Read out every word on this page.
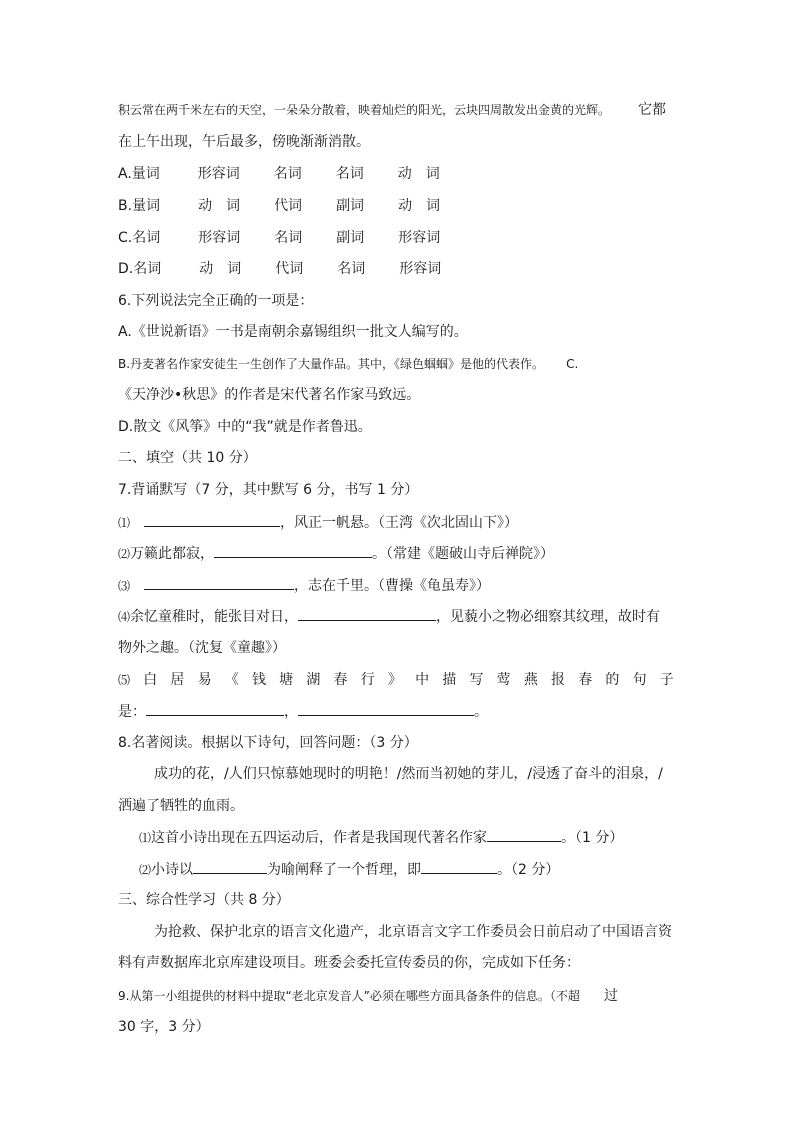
积云常在两千米左右的天空，一朵朵分散着，映着灿烂的阳光，云块四周散发出金黄的光辉。 它都
在上午出现，午后最多，傍晚渐渐消散。
A.量词	形容词 名词 名词 动　词
B.量词	动　词 代词 副词 动　词
C.名词	形容词 名词 副词 形容词
D.名词	动　词 代词 名词 形容词
6.下列说法完全正确的一项是：
A.《世说新语》一书是南朝余嘉锡组织一批文人编写的。
B.丹麦著名作家安徒生一生创作了大量作品。其中，《绿色蝈蝈》是他的代表作。 C.
《天净沙•秋思》的作者是宋代著名作家马致远。
D.散文《风筝》中的“我”就是作者鲁迅。
二、填空（共 10 分）
7.背诵默写（7 分，其中默写 6 分，书写 1 分）
⑴	，风正一帆悬。（王湾《次北固山下》）
⑵万籁此都寂，	。（常建《题破山寺后禅院》）
⑶	，志在千里。（曹操《龟虽寿》）
⑷余忆童稚时，能张目对日，	，见藐小之物必细察其纹理，故时有
物外之趣。（沈复《童趣》）
⑸ 白 居 易 《 钱 塘 湖 春 行 》 中 描 写 莺 燕 报 春 的 句 子
是：	，	。
8.名著阅读。根据以下诗句，回答问题：（3 分）
成功的花，/人们只惊慕她现时的明艳！/然而当初她的芽儿，/浸透了奋斗的泪泉，/
洒遍了牺牲的血雨。
⑴这首小诗出现在五四运动后，作者是我国现代著名作家	。（1 分）
⑵小诗以	为喻阐释了一个哲理，即	。（2 分）
三、综合性学习（共 8 分）
为抢救、保护北京的语言文化遗产，北京语言文字工作委员会日前启动了中国语言资
料有声数据库北京库建设项目。班委会委托宣传委员的你，完成如下任务：
9.从第一小组提供的材料中提取“老北京发音人”必须在哪些方面具备条件的信息。（不超 过
30 字，3 分）
